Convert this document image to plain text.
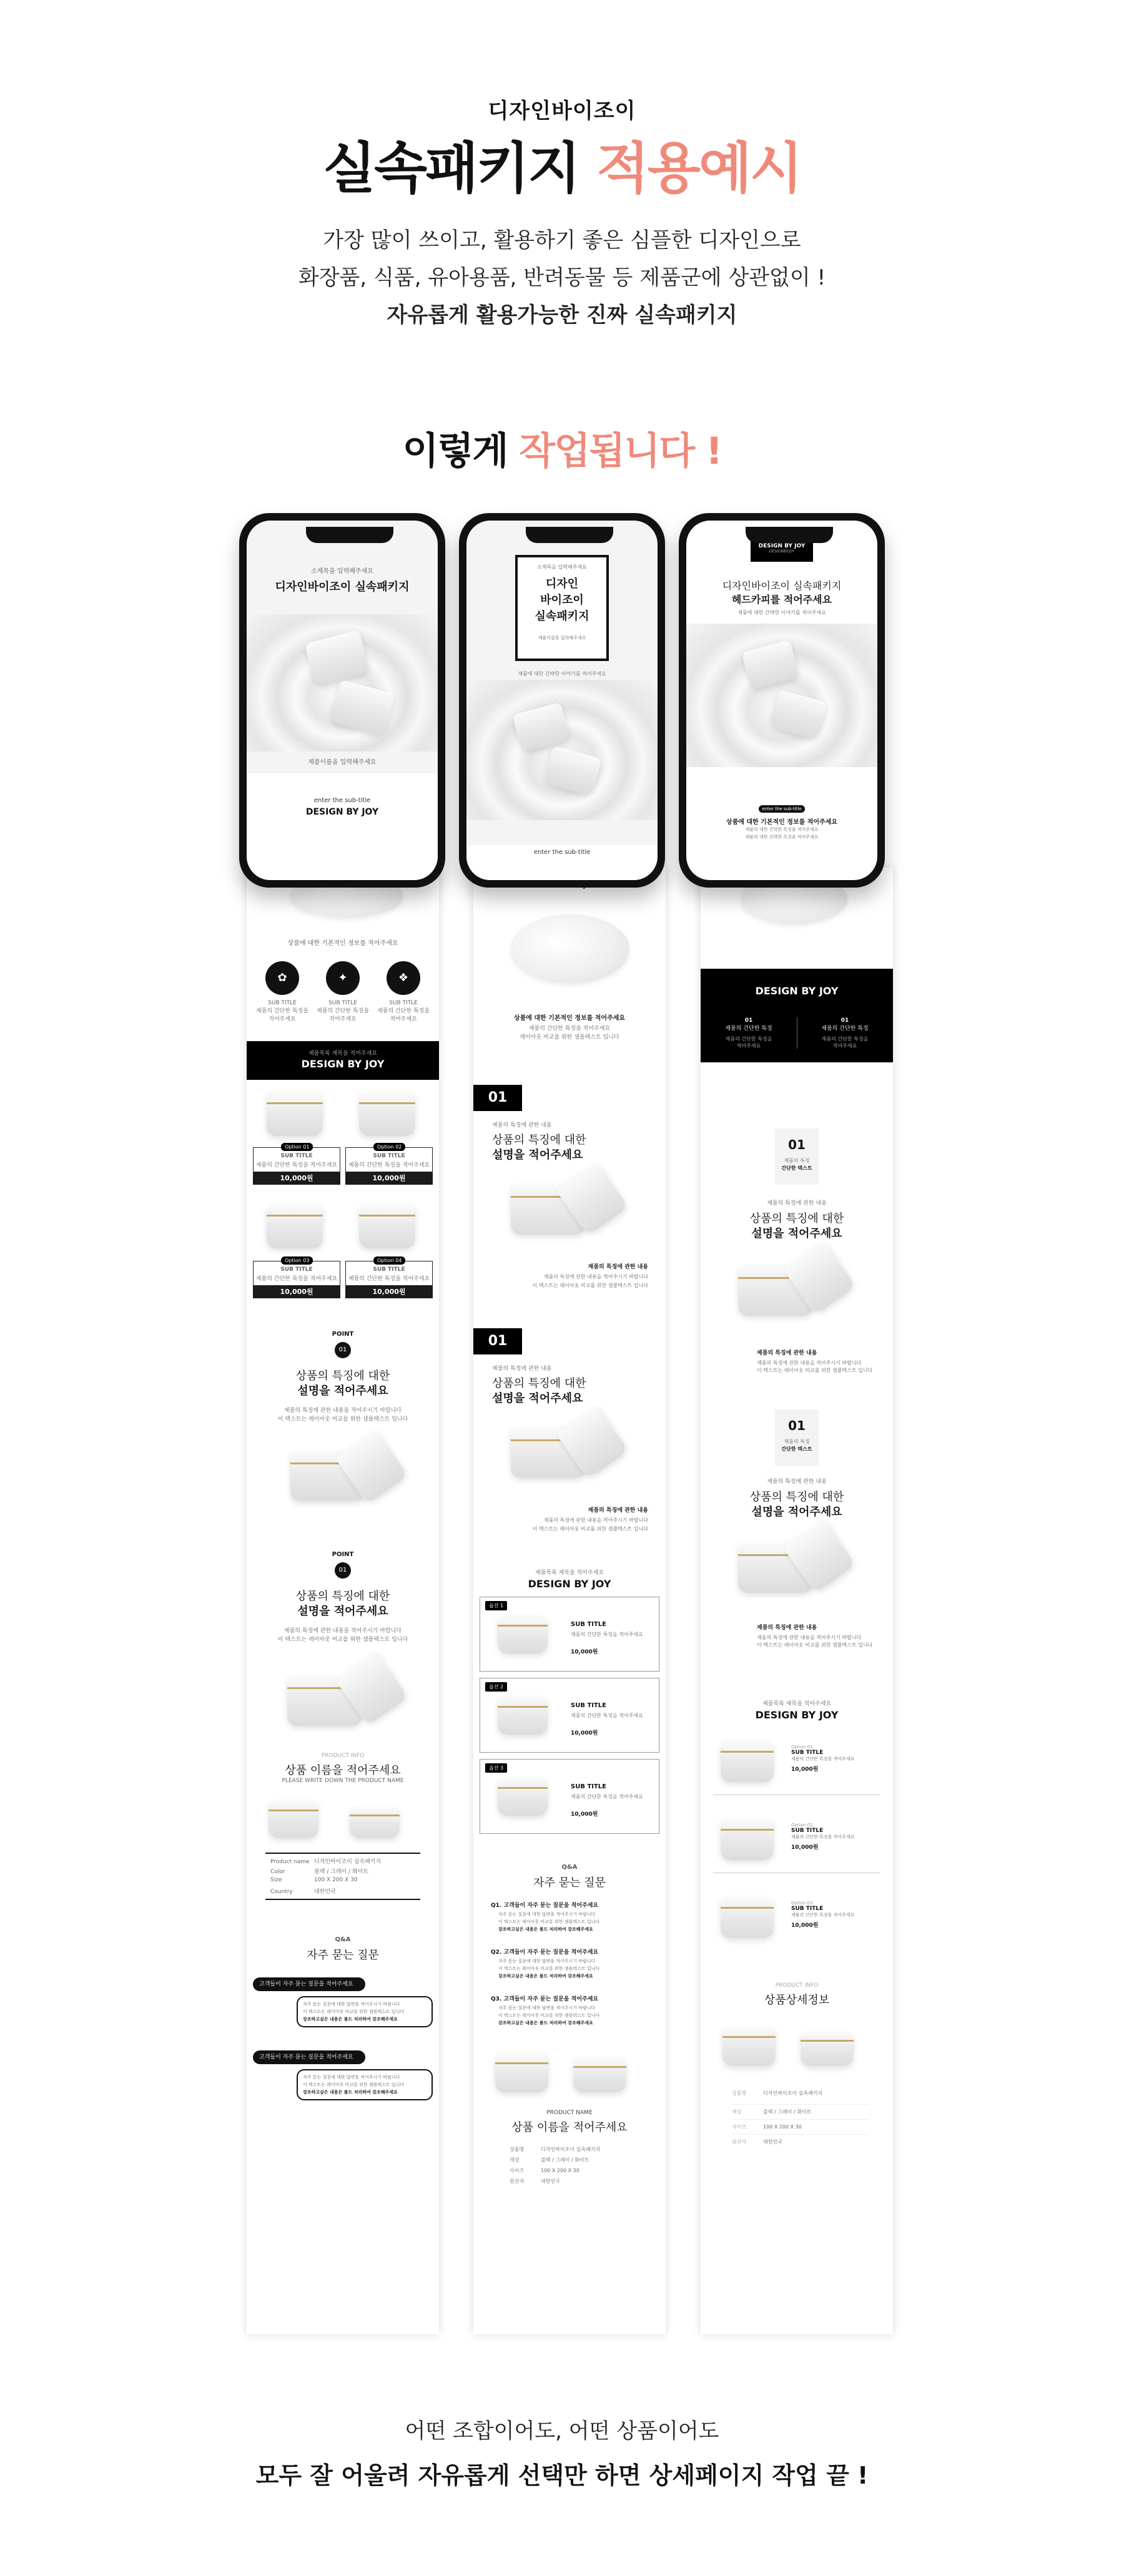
디자인바이조이
실속패키지 적용예시
가장 많이 쓰이고, 활용하기 좋은 심플한 디자인으로
화장품, 식품, 유아용품, 반려동물 등 제품군에 상관없이 !
자유롭게 활용가능한 진짜 실속패키지
이렇게 작업됩니다 !
상품에 대한 기본적인 정보를 적어주세요
✿	✦	❖
SUB TITLE
제품의 간단한 특징을
적어주세요
SUB TITLE
제품의 간단한 특징을
적어주세요
SUB TITLE
제품의 간단한 특징을
적어주세요
제품목록 제목을 적어주세요
DESIGN BY JOY
Option 01
SUB TITLE
제품의 간단한 특징을 적어주세요
10,000원
Option 02
SUB TITLE
제품의 간단한 특징을 적어주세요
10,000원
Option 03
SUB TITLE
제품의 간단한 특징을 적어주세요
10,000원
Option 04
SUB TITLE
제품의 간단한 특징을 적어주세요
10,000원
POINT
01
상품의 특징에 대한
설명을 적어주세요
제품의 특징에 관한 내용을 적어주시기 바랍니다
이 텍스트는 레이아웃 비교를 위한 샘플텍스트 입니다
POINT
01
상품의 특징에 대한
설명을 적어주세요
제품의 특징에 관한 내용을 적어주시기 바랍니다
이 텍스트는 레이아웃 비교를 위한 샘플텍스트 입니다
PRODUCT INFO
상품 이름을 적어주세요
PLEASE WRITE DOWN THE PRODUCT NAME
Product name 디자인바이조이 실속패키지
Color	블랙 / 그레이 / 화이트
Size	100 X 200 X 30
Country	대한민국
Q&A
자주 묻는 질문
고객들이 자주 묻는 질문을 적어주세요
자주 묻는 질문에 대한 답변을 적어주시기 바랍니다
이 텍스트는 레이아웃 비교를 위한 샘플텍스트 입니다
강조하고싶은 내용은 볼드 처리하여 강조해주세요
고객들이 자주 묻는 질문을 적어주세요
자주 묻는 질문에 대한 답변을 적어주시기 바랍니다
이 텍스트는 레이아웃 비교를 위한 샘플텍스트 입니다
강조하고싶은 내용은 볼드 처리하여 강조해주세요
상품에 대한 기본적인 정보를 적어주세요
제품의 간단한 특징을 적어주세요
레이아웃 비교를 위한 샘플텍스트 입니다
01
제품의 특징에 관한 내용
상품의 특징에 대한
설명을 적어주세요
제품의 특징에 관한 내용
제품의 특징에 관한 내용을 적어주시기 바랍니다
이 텍스트는 레이아웃 비교를 위한 샘플텍스트 입니다
01
제품의 특징에 관한 내용
상품의 특징에 대한
설명을 적어주세요
제품의 특징에 관한 내용
제품의 특징에 관한 내용을 적어주시기 바랍니다
이 텍스트는 레이아웃 비교를 위한 샘플텍스트 입니다
제품목록 제목을 적어주세요
DESIGN BY JOY
옵션 1
SUB TITLE
제품의 간단한 특징을 적어주세요
10,000원
옵션 2
SUB TITLE
제품의 간단한 특징을 적어주세요
10,000원
옵션 3
SUB TITLE
제품의 간단한 특징을 적어주세요
10,000원
Q&A
자주 묻는 질문
Q1. 고객들이 자주 묻는 질문을 적어주세요
자주 묻는 질문에 대한 답변을 적어주시기 바랍니다
이 텍스트는 레이아웃 비교를 위한 샘플텍스트 입니다
강조하고싶은 내용은 볼드 처리하여 강조해주세요
Q2. 고객들이 자주 묻는 질문을 적어주세요
자주 묻는 질문에 대한 답변을 적어주시기 바랍니다
이 텍스트는 레이아웃 비교를 위한 샘플텍스트 입니다
강조하고싶은 내용은 볼드 처리하여 강조해주세요
Q3. 고객들이 자주 묻는 질문을 적어주세요
자주 묻는 질문에 대한 답변을 적어주시기 바랍니다
이 텍스트는 레이아웃 비교를 위한 샘플텍스트 입니다
강조하고싶은 내용은 볼드 처리하여 강조해주세요
PRODUCT NAME
상품 이름을 적어주세요
상품명	디자인바이조이 실속패키지
색상	블랙 / 그레이 / 화이트
사이즈	100 X 200 X 30
원산지	대한민국
DESIGN BY JOY
01
제품의 간단한 특징
제품의 간단한 특징을
적어주세요
01
제품의 간단한 특징
제품의 간단한 특징을
적어주세요
01
제품의 특징
간단한 텍스트
제품의 특징에 관한 내용
상품의 특징에 대한
설명을 적어주세요
제품의 특징에 관한 내용
제품의 특징에 관한 내용을 적어주시기 바랍니다
이 텍스트는 레이아웃 비교를 위한 샘플텍스트 입니다
01
제품의 특징
간단한 텍스트
제품의 특징에 관한 내용
상품의 특징에 대한
설명을 적어주세요
제품의 특징에 관한 내용
제품의 특징에 관한 내용을 적어주시기 바랍니다
이 텍스트는 레이아웃 비교를 위한 샘플텍스트 입니다
제품목록 제목을 적어주세요
DESIGN BY JOY
Option 01
SUB TITLE
제품의 간단한 특징을 적어주세요
10,000원
Option 02
SUB TITLE
제품의 간단한 특징을 적어주세요
10,000원
Option 03
SUB TITLE
제품의 간단한 특징을 적어주세요
10,000원
PRODUCT INFO
상품상세정보
상품명	디자인바이조이 실속패키지
색상	블랙 / 그레이 / 화이트
사이즈	100 X 200 X 30
원산지	대한민국
소제목을 입력해주세요
디자인바이조이 실속패키지
제품이름을 입력해주세요
enter the sub-title
DESIGN BY JOY
소제목을 입력해주세요
디자인
바이조이
실속패키지
제품이름을 입력해주세요
제품에 대한 간략한 이야기를 적어주세요
enter the sub-title
DESIGN BY JOY
DESIGNBYJOY
디자인바이조이 실속패키지
헤드카피를 적어주세요
제품에 대한 간략한 이야기를 적어주세요
enter the sub-title
상품에 대한 기본적인 정보를 적어주세요
제품의 대한 간략한 특징을 적어주세요
제품의 대한 간략한 특징을 적어주세요
어떤 조합이어도, 어떤 상품이어도
모두 잘 어울려 자유롭게 선택만 하면 상세페이지 작업 끝 !
